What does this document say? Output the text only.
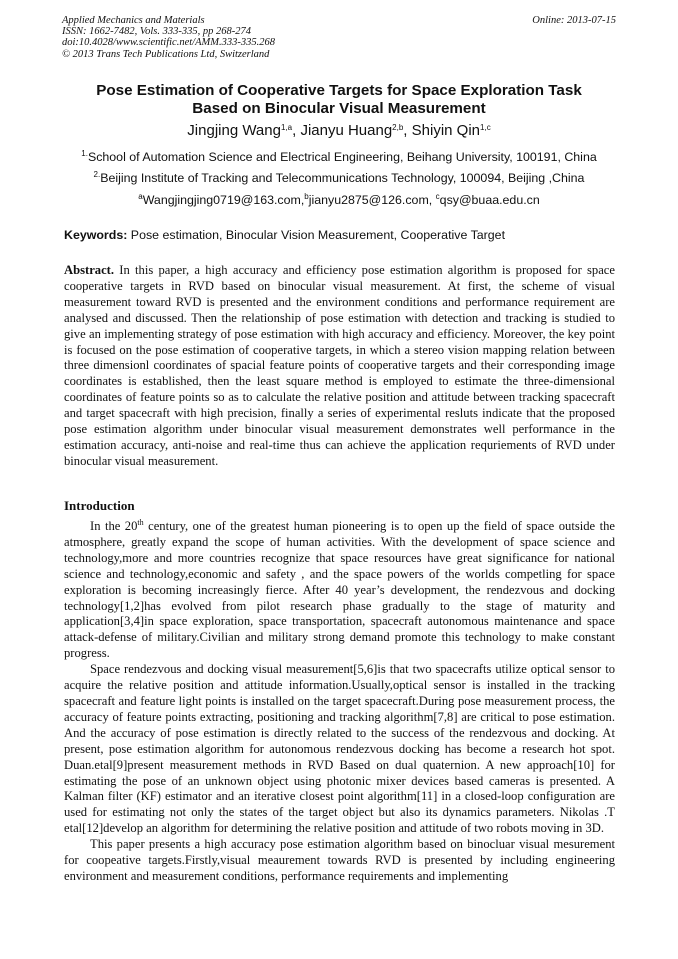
Applied Mechanics and Materials
ISSN: 1662-7482, Vols. 333-335, pp 268-274
doi:10.4028/www.scientific.net/AMM.333-335.268
© 2013 Trans Tech Publications Ltd, Switzerland
Online: 2013-07-15
Pose Estimation of Cooperative Targets for Space Exploration Task
Based on Binocular Visual Measurement
Jingjing Wang$^{1,a}$, Jianyu Huang$^{2,b}$, Shiyin Qin$^{1,c}$
$^{1.}$School of Automation Science and Electrical Engineering, Beihang University, 100191, China
$^{2.}$Beijing Institute of Tracking and Telecommunications Technology, 100094, Beijing ,China
$^a$Wangjingjing0719@163.com,$^b$jianyu2875@126.com, $^c$qsy@buaa.edu.cn
Keywords: Pose estimation, Binocular Vision Measurement, Cooperative Target
Abstract. In this paper, a high accuracy and efficiency pose estimation algorithm is proposed for space cooperative targets in RVD based on binocular visual measurement. At first, the scheme of visual measurement toward RVD is presented and the environment conditions and performance requirement are analysed and discussed. Then the relationship of pose estimation with detection and tracking is studied to give an implementing strategy of pose estimation with high accuracy and efficiency. Moreover, the key point is focused on the pose estimation of cooperative targets, in which a stereo vision mapping relation between three dimensionl coordinates of spacial feature points of cooperative targets and their corresponding image coordinates is established, then the least square method is employed to estimate the three-dimensional coordinates of feature points so as to calculate the relative position and attitude between tracking spacecraft and target spacecraft with high precision, finally a series of experimental resluts indicate that the proposed pose estimation algorithm under binocular visual measurement demonstrates well performance in the estimation accuracy, anti-noise and real-time thus can achieve the application requriements of RVD under binocular visual measurement.
Introduction

In the 20th century, one of the greatest human pioneering is to open up the field of space outside the atmosphere, greatly expand the scope of human activities. With the development of space science and technology,more and more countries recognize that space resources have great significance for national science and technology,economic and safety , and the space powers of the worlds competling for space exploration is becoming increasingly fierce. After 40 year’s development, the rendezvous and docking technology[1,2]has evolved from pilot research phase gradually to the stage of maturity and application[3,4]in space exploration, space transportation, spacecraft autonomous maintenance and space attack-defense of military.Civilian and military strong demand promote this technology to make constant progress.

Space rendezvous and docking visual measurement[5,6]is that two spacecrafts utilize optical sensor to acquire the relative position and attitude information.Usually,optical sensor is installed in the tracking spacecraft and feature light points is installed on the target spacecraft.During pose measurement process, the accuracy of feature points extracting, positioning and tracking algorithm[7,8] are critical to pose estimation. And the accuracy of pose estimation is directly related to the success of the rendezvous and docking. At present, pose estimation algorithm for autonomous rendezvous docking has become a research hot spot. Duan.etal[9]present measurement methods in RVD Based on dual quaternion. A new approach[10] for estimating the pose of an unknown object using photonic mixer devices based cameras is presented. A Kalman filter (KF) estimator and an iterative closest point algorithm[11] in a closed-loop configuration are used for estimating not only the states of the target object but also its dynamics parameters. Nikolas .T etal[12]develop an algorithm for determining the relative position and attitude of two robots moving in 3D.

This paper presents a high accuracy pose estimation algorithm based on binocluar visual mesurement for coopeative targets.Firstly,visual meaurement towards RVD is presented by including engineering environment and measurement conditions, performance requirements and implementing
